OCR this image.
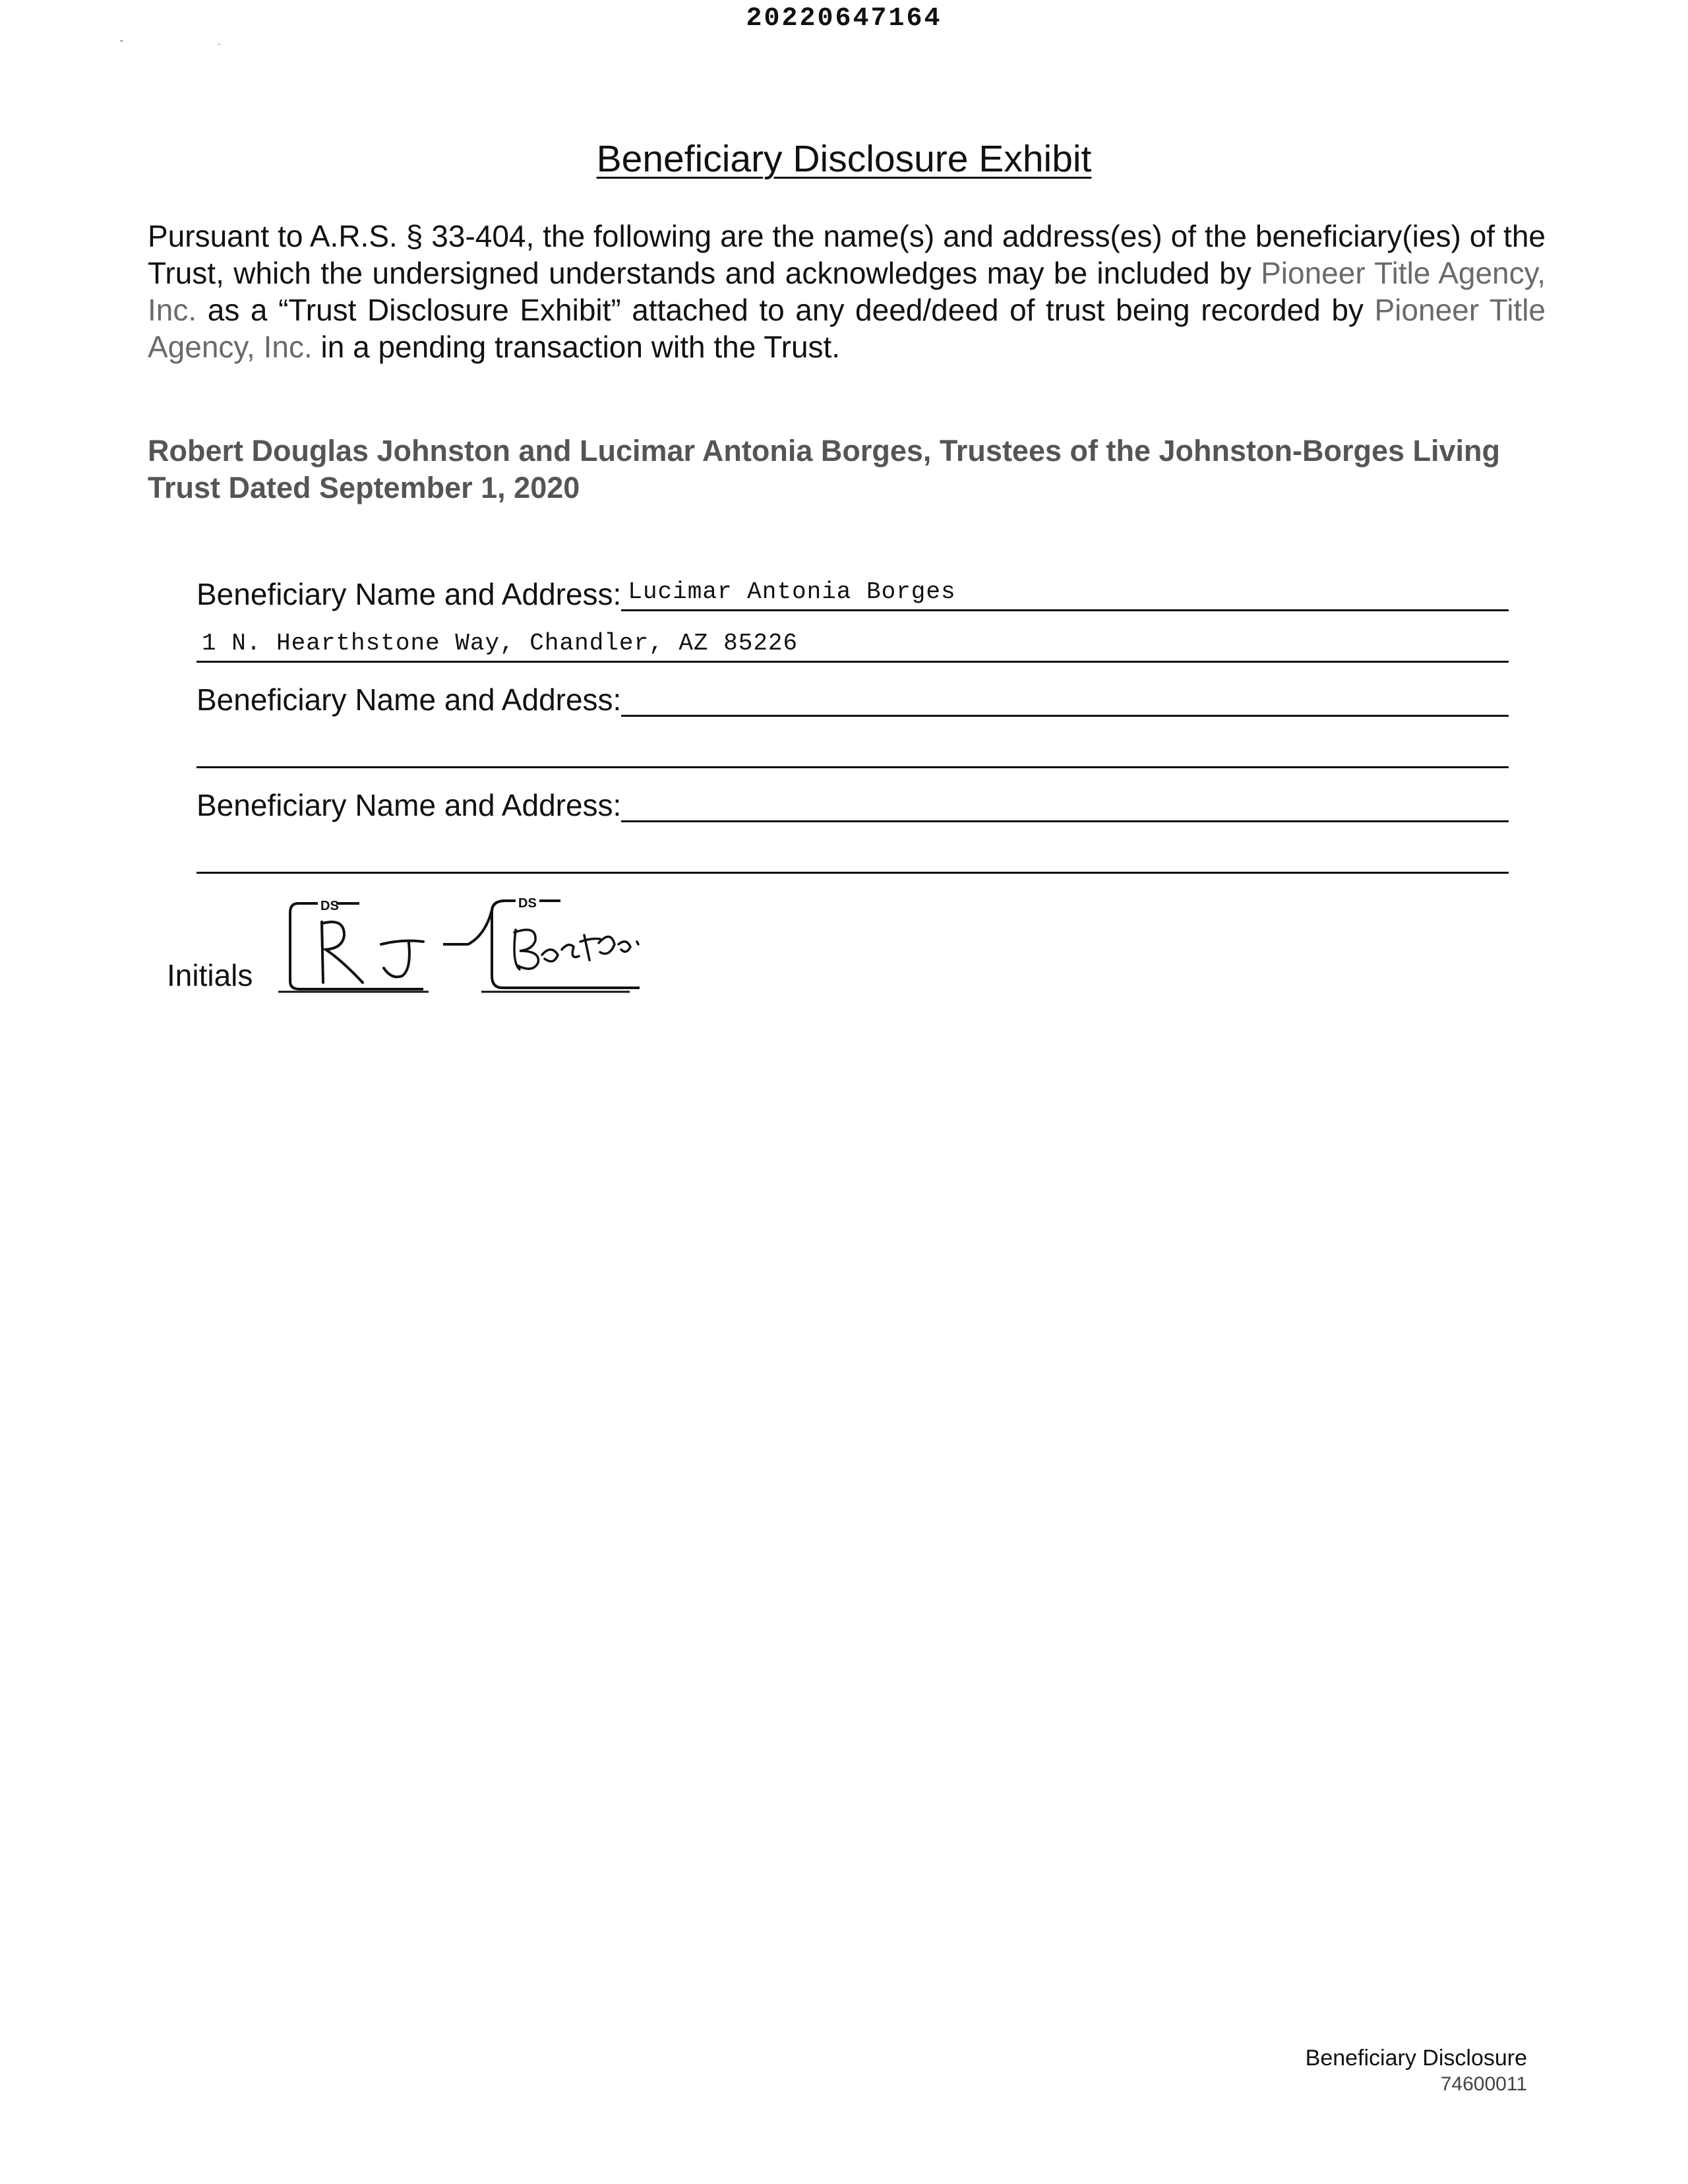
20220647164
ˇ	·
Beneficiary Disclosure Exhibit
Pursuant to A.R.S. § 33-404, the following are the name(s) and address(es) of the beneficiary(ies) of the Trust, which the undersigned understands and acknowledges may be included by Pioneer Title Agency, Inc. as a “Trust Disclosure Exhibit” attached to any deed/deed of trust being recorded by Pioneer Title Agency, Inc. in a pending transaction with the Trust.
Robert Douglas Johnston and Lucimar Antonia Borges, Trustees of the Johnston-Borges Living Trust Dated September 1, 2020
Beneficiary Name and Address: Lucimar Antonia Borges
1 N. Hearthstone Way, Chandler, AZ 85226
Beneficiary Name and Address:
Beneficiary Name and Address:
Initials
DS	DS
Beneficiary Disclosure
74600011
